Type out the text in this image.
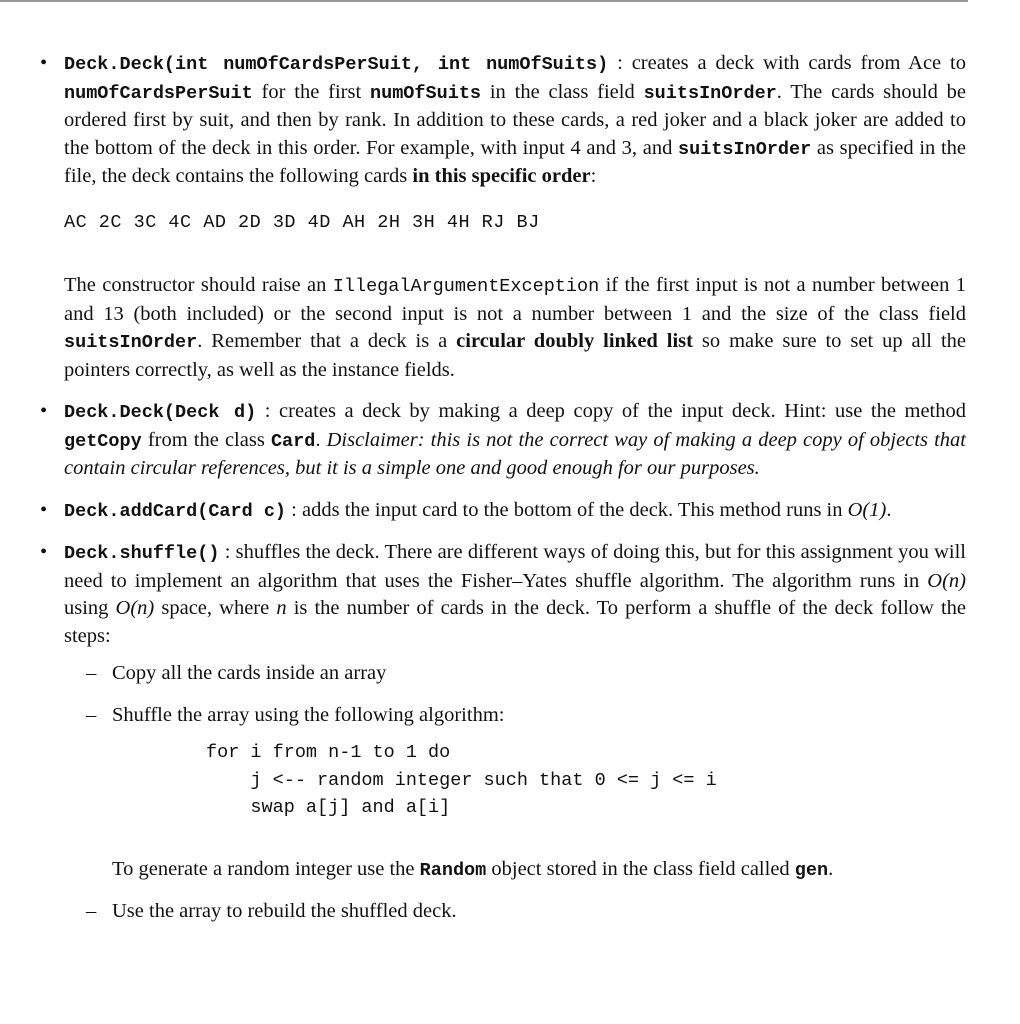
• Deck.Deck(int numOfCardsPerSuit, int numOfSuits) : creates a deck with cards from Ace to numOfCardsPerSuit for the first numOfSuits in the class field suitsInOrder. The cards should be ordered first by suit, and then by rank. In addition to these cards, a red joker and a black joker are added to the bottom of the deck in this order. For example, with input 4 and 3, and suitsInOrder as specified in the file, the deck contains the following cards in this specific order:

AC 2C 3C 4C AD 2D 3D 4D AH 2H 3H 4H RJ BJ

The constructor should raise an IllegalArgumentException if the first input is not a number between 1 and 13 (both included) or the second input is not a number between 1 and the size of the class field suitsInOrder. Remember that a deck is a circular doubly linked list so make sure to set up all the pointers correctly, as well as the instance fields.

• Deck.Deck(Deck d) : creates a deck by making a deep copy of the input deck. Hint: use the method getCopy from the class Card. Disclaimer: this is not the correct way of making a deep copy of objects that contain circular references, but it is a simple one and good enough for our purposes.

• Deck.addCard(Card c) : adds the input card to the bottom of the deck. This method runs in O(1).

• Deck.shuffle() : shuffles the deck. There are different ways of doing this, but for this assignment you will need to implement an algorithm that uses the Fisher–Yates shuffle algorithm. The algorithm runs in O(n) using O(n) space, where n is the number of cards in the deck. To perform a shuffle of the deck follow the steps:

– Copy all the cards inside an array
– Shuffle the array using the following algorithm:
for i from n-1 to 1 do
j <-- random integer such that 0 <= j <= i
swap a[j] and a[i]

To generate a random integer use the Random object stored in the class field called gen.

– Use the array to rebuild the shuffled deck.
